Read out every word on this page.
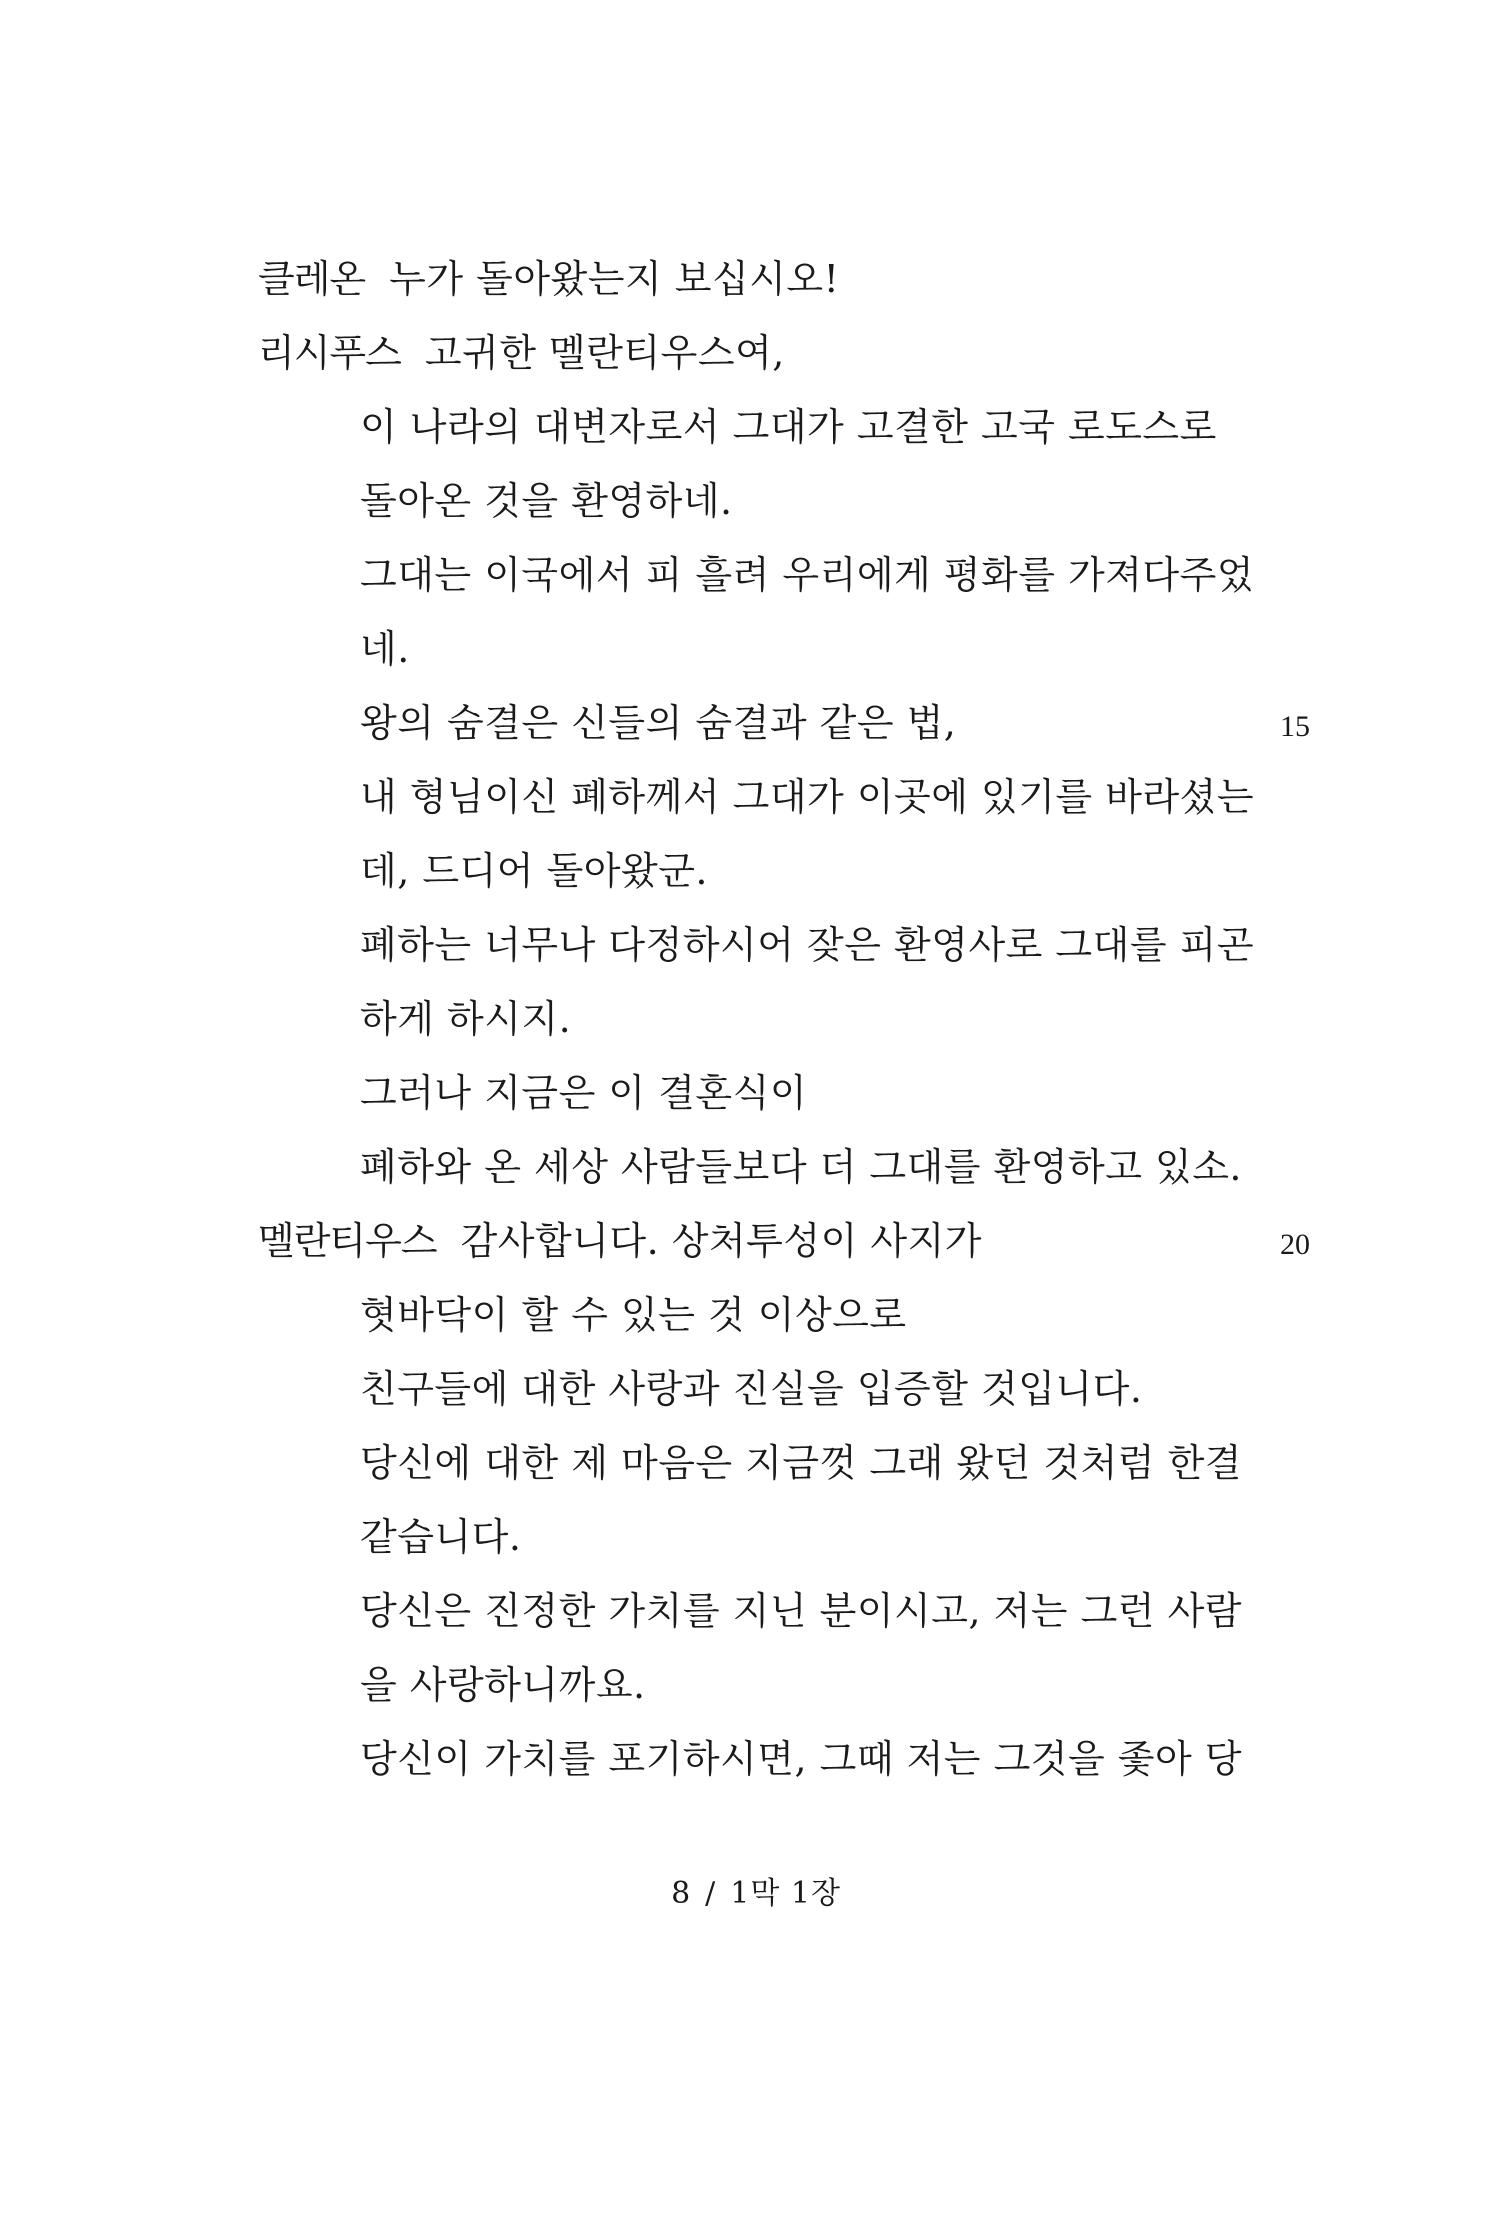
클레온 누가 돌아왔는지 보십시오!
리시푸스 고귀한 멜란티우스여,
이 나라의 대변자로서 그대가 고결한 고국 로도스로
돌아온 것을 환영하네.
그대는 이국에서 피 흘려 우리에게 평화를 가져다주었
네.
왕의 숨결은 신들의 숨결과 같은 법,	15
내 형님이신 폐하께서 그대가 이곳에 있기를 바라셨는
데, 드디어 돌아왔군.
폐하는 너무나 다정하시어 잦은 환영사로 그대를 피곤
하게 하시지.
그러나 지금은 이 결혼식이
폐하와 온 세상 사람들보다 더 그대를 환영하고 있소.
멜란티우스 감사합니다. 상처투성이 사지가	20
혓바닥이 할 수 있는 것 이상으로
친구들에 대한 사랑과 진실을 입증할 것입니다.
당신에 대한 제 마음은 지금껏 그래 왔던 것처럼 한결
같습니다.
당신은 진정한 가치를 지닌 분이시고, 저는 그런 사람
을 사랑하니까요.
당신이 가치를 포기하시면, 그때 저는 그것을 좇아 당
8 / 1막 1장
